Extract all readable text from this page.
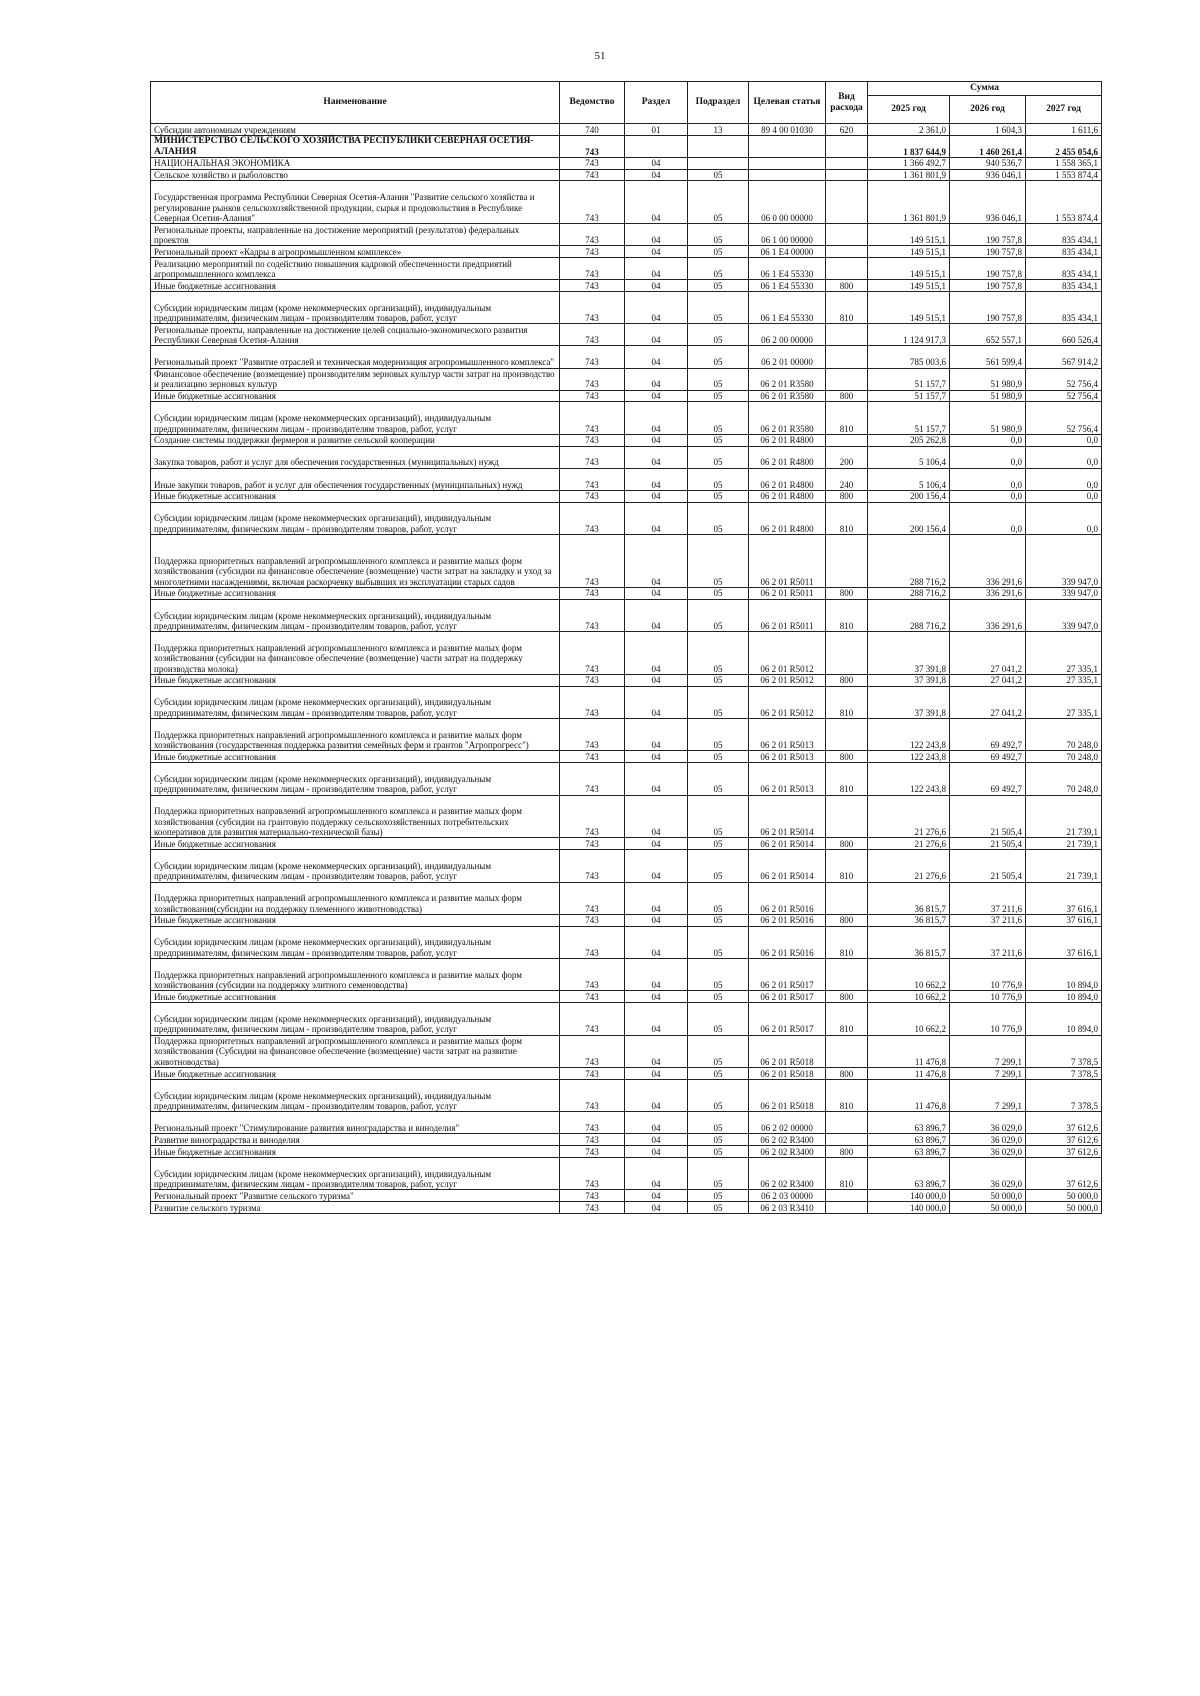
51
Наименование	Ведомство	Раздел	Подраздел	Целевая статья	Вид расхода	Сумма		
						2025 год	2026 год	2027 год
Субсидии автономным учреждениям	740	01	13	89 4 00 01030	620	2 361,0	1 604,3	1 611,6
МИНИСТЕРСТВО СЕЛЬСКОГО ХОЗЯЙСТВА РЕСПУБЛИКИ СЕВЕРНАЯ ОСЕТИЯ-АЛАНИЯ	743					1 837 644,9	1 460 261,4	2 455 054,6
НАЦИОНАЛЬНАЯ ЭКОНОМИКА	743	04				1 366 492,7	940 536,7	1 558 365,1
Сельское хозяйство и рыболовство	743	04	05			1 361 801,9	936 046,1	1 553 874,4
Государственная программа Республики Северная Осетия-Алания "Развитие сельского хозяйства и регулирование рынков сельскохозяйственной продукции, сырья и продовольствия в Республике Северная Осетия-Алания"	743	04	05	06 0 00 00000		1 361 801,9	936 046,1	1 553 874,4
Региональные проекты, направленные на достижение мероприятий (результатов) федеральных проектов	743	04	05	06 1 00 00000		149 515,1	190 757,8	835 434,1
Региональный проект «Кадры в агропромышленном комплексе»	743	04	05	06 1 Е4 00000		149 515,1	190 757,8	835 434,1
Реализацию мероприятий по содействию повышения кадровой обеспеченности предприятий агропромышленного комплекса	743	04	05	06 1 Е4 55330		149 515,1	190 757,8	835 434,1
Иные бюджетные ассигнования	743	04	05	06 1 Е4 55330	800	149 515,1	190 757,8	835 434,1
Субсидии юридическим лицам (кроме некоммерческих организаций), индивидуальным предпринимателям, физическим лицам - производителям товаров, работ, услуг	743	04	05	06 1 Е4 55330	810	149 515,1	190 757,8	835 434,1
Региональные проекты, направленные на достижение целей социально-экономического развития Республики Северная Осетия-Алания	743	04	05	06 2 00 00000		1 124 917,3	652 557,1	660 526,4
Региональный проект "Развитие отраслей и техническая модернизация агропромышленного комплекса"	743	04	05	06 2 01 00000		785 003,6	561 599,4	567 914,2
Финансовое обеспечение (возмещение) производителям зерновых культур части затрат на производство и реализацию зерновых культур	743	04	05	06 2 01 R3580		51 157,7	51 980,9	52 756,4
Иные бюджетные ассигнования	743	04	05	06 2 01 R3580	800	51 157,7	51 980,9	52 756,4
Субсидии юридическим лицам (кроме некоммерческих организаций), индивидуальным предпринимателям, физическим лицам - производителям товаров, работ, услуг	743	04	05	06 2 01 R3580	810	51 157,7	51 980,9	52 756,4
Создание системы поддержки фермеров и развитие сельской кооперации	743	04	05	06 2 01 R4800		205 262,8	0,0	0,0
Закупка товаров, работ и услуг для обеспечения государственных (муниципальных) нужд	743	04	05	06 2 01 R4800	200	5 106,4	0,0	0,0
Иные закупки товаров, работ и услуг для обеспечения государственных (муниципальных) нужд	743	04	05	06 2 01 R4800	240	5 106,4	0,0	0,0
Иные бюджетные ассигнования	743	04	05	06 2 01 R4800	800	200 156,4	0,0	0,0
Субсидии юридическим лицам (кроме некоммерческих организаций), индивидуальным предпринимателям, физическим лицам - производителям товаров, работ, услуг	743	04	05	06 2 01 R4800	810	200 156,4	0,0	0,0
Поддержка приоритетных направлений агропромышленного комплекса и развитие малых форм хозяйствования (субсидии на финансовое обеспечение (возмещение) части затрат на закладку и уход за многолетними насаждениями, включая раскорчевку выбывших из эксплуатации старых садов	743	04	05	06 2 01 R5011		288 716,2	336 291,6	339 947,0
Иные бюджетные ассигнования	743	04	05	06 2 01 R5011	800	288 716,2	336 291,6	339 947,0
Субсидии юридическим лицам (кроме некоммерческих организаций), индивидуальным предпринимателям, физическим лицам - производителям товаров, работ, услуг	743	04	05	06 2 01 R5011	810	288 716,2	336 291,6	339 947,0
Поддержка приоритетных направлений агропромышленного комплекса и развитие малых форм хозяйствования (субсидии на финансовое обеспечение (возмещение) части затрат на поддержку производства молока)	743	04	05	06 2 01 R5012		37 391,8	27 041,2	27 335,1
Иные бюджетные ассигнования	743	04	05	06 2 01 R5012	800	37 391,8	27 041,2	27 335,1
Субсидии юридическим лицам (кроме некоммерческих организаций), индивидуальным предпринимателям, физическим лицам - производителям товаров, работ, услуг	743	04	05	06 2 01 R5012	810	37 391,8	27 041,2	27 335,1
Поддержка приоритетных направлений агропромышленного комплекса и развитие малых форм хозяйствования (государственная поддержка развития семейных ферм и грантов "Агропрогресс")	743	04	05	06 2 01 R5013		122 243,8	69 492,7	70 248,0
Иные бюджетные ассигнования	743	04	05	06 2 01 R5013	800	122 243,8	69 492,7	70 248,0
Субсидии юридическим лицам (кроме некоммерческих организаций), индивидуальным предпринимателям, физическим лицам - производителям товаров, работ, услуг	743	04	05	06 2 01 R5013	810	122 243,8	69 492,7	70 248,0
Поддержка приоритетных направлений агропромышленного комплекса и развитие малых форм хозяйствования (субсидии на грантовую поддержку сельскохозяйственных потребительских кооперативов для развития материально-технической базы)	743	04	05	06 2 01 R5014		21 276,6	21 505,4	21 739,1
Иные бюджетные ассигнования	743	04	05	06 2 01 R5014	800	21 276,6	21 505,4	21 739,1
Субсидии юридическим лицам (кроме некоммерческих организаций), индивидуальным предпринимателям, физическим лицам - производителям товаров, работ, услуг	743	04	05	06 2 01 R5014	810	21 276,6	21 505,4	21 739,1
Поддержка приоритетных направлений агропромышленного комплекса и развитие малых форм хозяйствования(субсидии на поддержку племенного животноводства)	743	04	05	06 2 01 R5016		36 815,7	37 211,6	37 616,1
Иные бюджетные ассигнования	743	04	05	06 2 01 R5016	800	36 815,7	37 211,6	37 616,1
Субсидии юридическим лицам (кроме некоммерческих организаций), индивидуальным предпринимателям, физическим лицам - производителям товаров, работ, услуг	743	04	05	06 2 01 R5016	810	36 815,7	37 211,6	37 616,1
Поддержка приоритетных направлений агропромышленного комплекса и развитие малых форм хозяйствования (субсидии на поддержку элитного семеноводства)	743	04	05	06 2 01 R5017		10 662,2	10 776,9	10 894,0
Иные бюджетные ассигнования	743	04	05	06 2 01 R5017	800	10 662,2	10 776,9	10 894,0
Субсидии юридическим лицам (кроме некоммерческих организаций), индивидуальным предпринимателям, физическим лицам - производителям товаров, работ, услуг	743	04	05	06 2 01 R5017	810	10 662,2	10 776,9	10 894,0
Поддержка приоритетных направлений агропромышленного комплекса и развитие малых форм хозяйствования (Субсидии на финансовое обеспечение (возмещение) части затрат на развитие животноводства)	743	04	05	06 2 01 R5018		11 476,8	7 299,1	7 378,5
Иные бюджетные ассигнования	743	04	05	06 2 01 R5018	800	11 476,8	7 299,1	7 378,5
Субсидии юридическим лицам (кроме некоммерческих организаций), индивидуальным предпринимателям, физическим лицам - производителям товаров, работ, услуг	743	04	05	06 2 01 R5018	810	11 476,8	7 299,1	7 378,5
Региональный проект "Стимулирование развития виноградарства и виноделия"	743	04	05	06 2 02 00000		63 896,7	36 029,0	37 612,6
Развитие виноградарства и виноделия	743	04	05	06 2 02 R3400		63 896,7	36 029,0	37 612,6
Иные бюджетные ассигнования	743	04	05	06 2 02 R3400	800	63 896,7	36 029,0	37 612,6
Субсидии юридическим лицам (кроме некоммерческих организаций), индивидуальным предпринимателям, физическим лицам - производителям товаров, работ, услуг	743	04	05	06 2 02 R3400	810	63 896,7	36 029,0	37 612,6
Региональный проект "Развитие сельского туризма"	743	04	05	06 2 03 00000		140 000,0	50 000,0	50 000,0
Развитие сельского туризма	743	04	05	06 2 03 R3410		140 000,0	50 000,0	50 000,0
